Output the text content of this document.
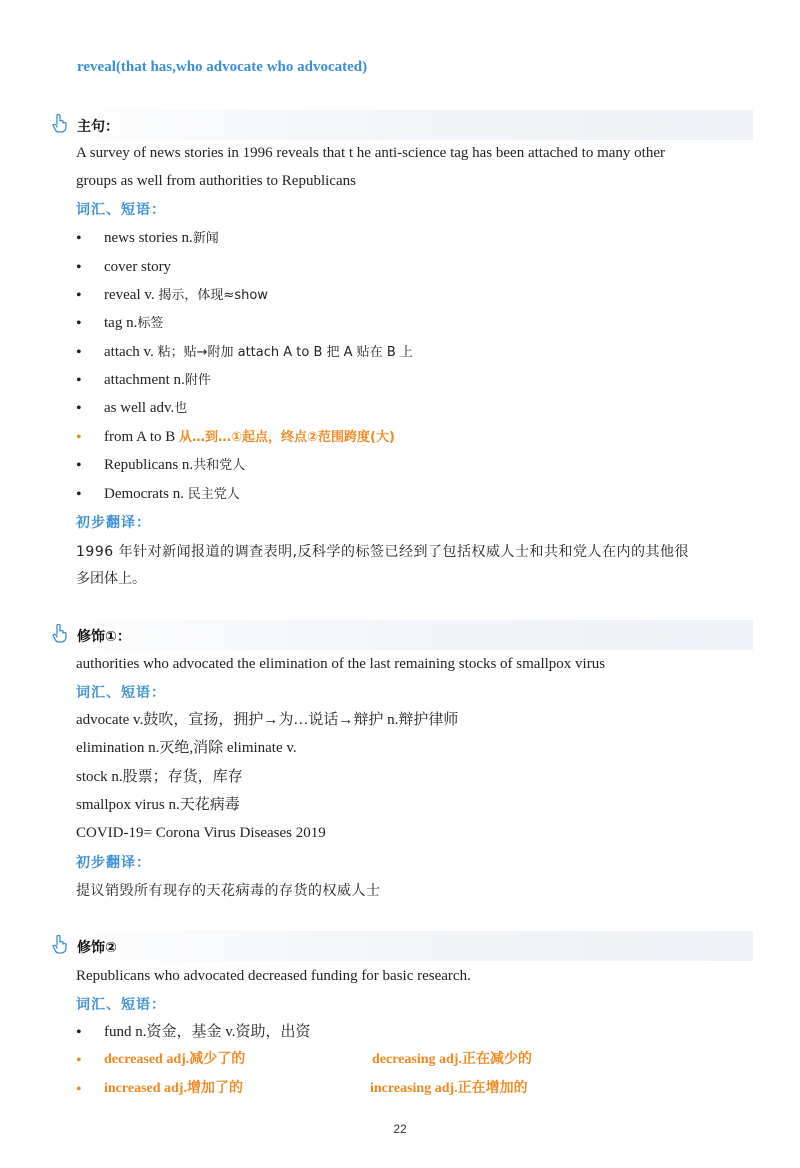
reveal(that has,who advocate who advocated)
主句：
A survey of news stories in 1996 reveals that t he anti-science tag has been attached to many other
groups as well from authorities to Republicans
词汇、短语：
• news stories n.新闻
• cover story
• reveal v. 揭示，体现≈show
• tag n.标签
• attach v. 粘；贴→附加 attach A to B 把 A 贴在 B 上
• attachment n.附件
• as well adv.也
• from A to B 从…到…①起点，终点②范围跨度(大)
• Republicans n.共和党人
• Democrats n. 民主党人
初步翻译：
1996 年针对新闻报道的调查表明,反科学的标签已经到了包括权威人士和共和党人在内的其他很
多团体上。
修饰①：
authorities who advocated the elimination of the last remaining stocks of smallpox virus
词汇、短语：
advocate v.鼓吹，宣扬，拥护→为…说话→辩护 n.辩护律师
elimination n.灭绝,消除 eliminate v.
stock n.股票；存货，库存
smallpox virus n.天花病毒
COVID-19= Corona Virus Diseases 2019
初步翻译：
提议销毁所有现存的天花病毒的存货的权威人士
修饰②
Republicans who advocated decreased funding for basic research.
词汇、短语：
• fund n.资金，基金 v.资助，出资
• decreased adj.减少了的	decreasing adj.正在减少的
• increased adj.增加了的	increasing adj.正在增加的
22
